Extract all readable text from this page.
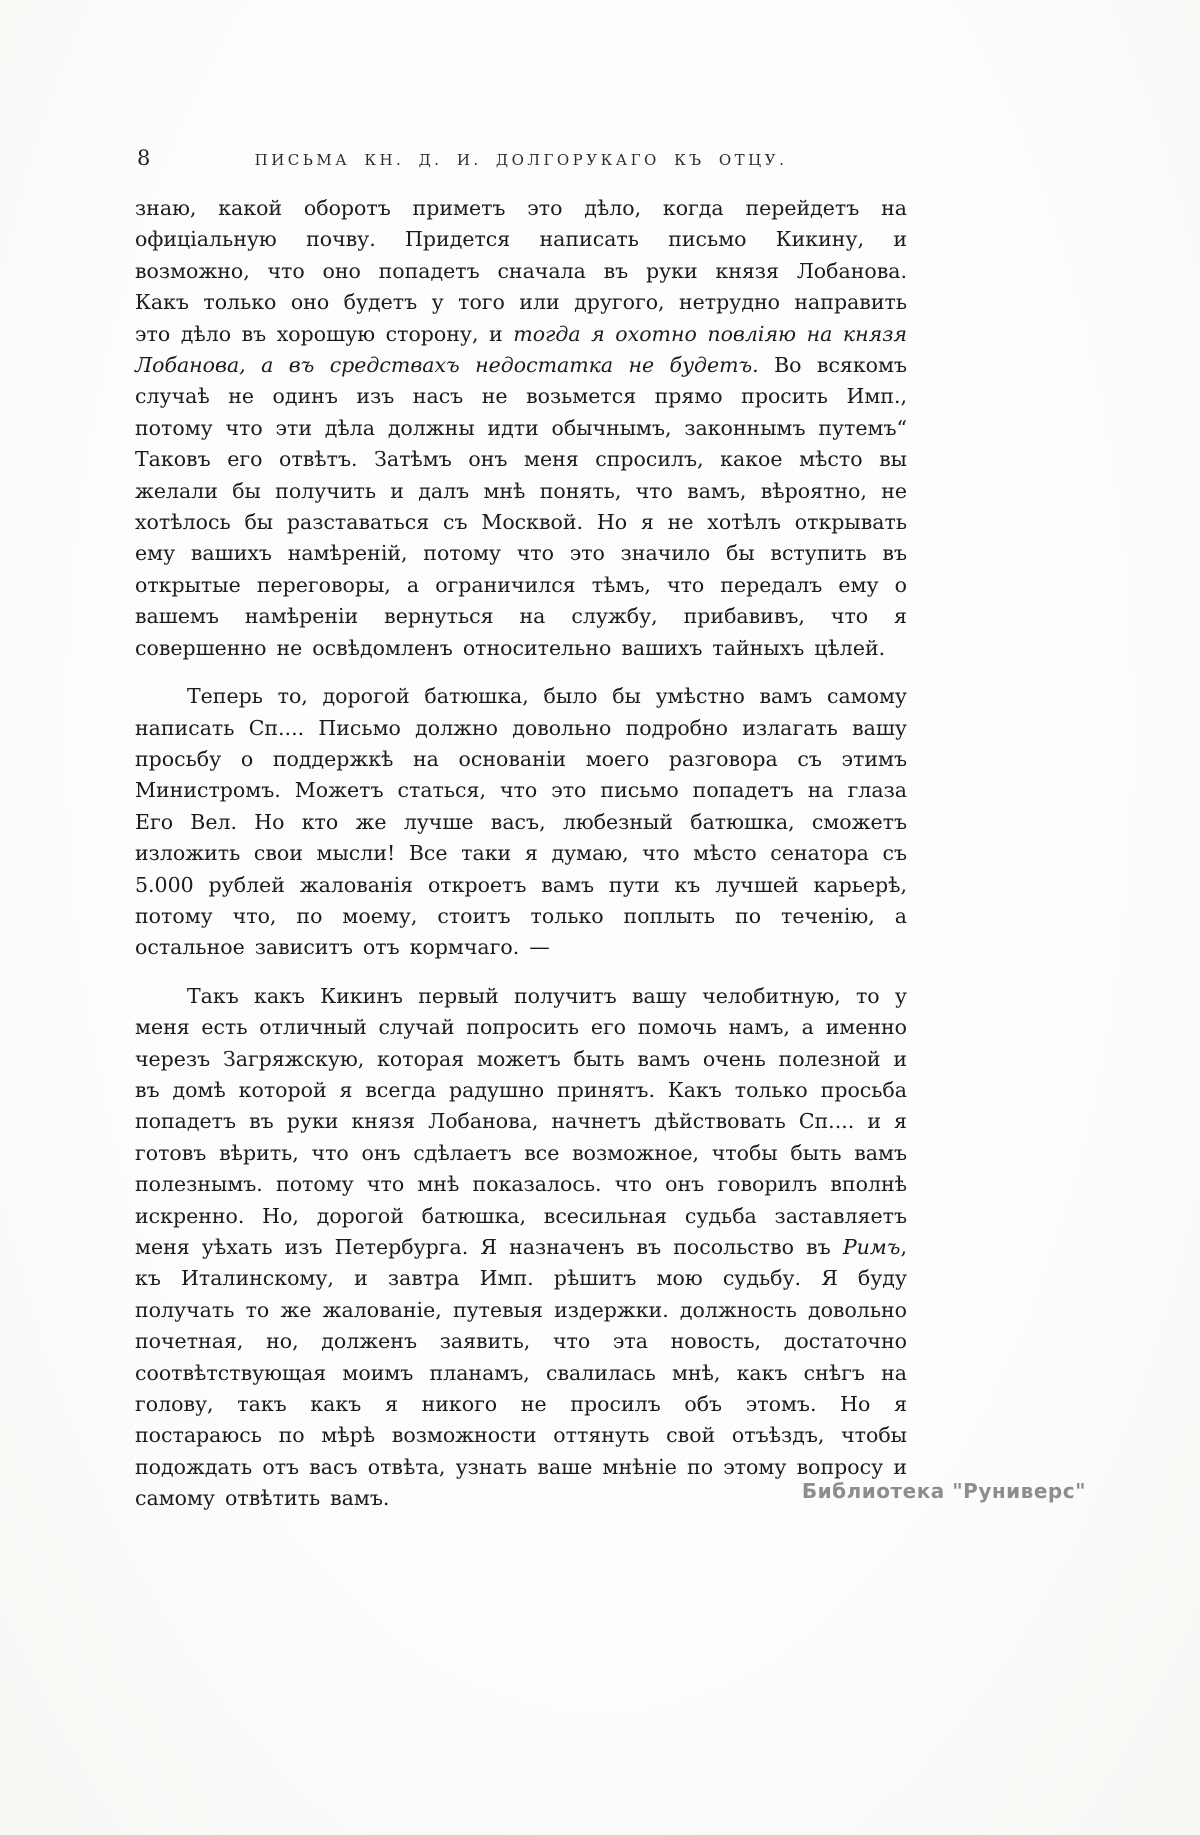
8	ПИСЬМА КН. Д. И. ДОЛГОРУКАГО КЪ ОТЦУ.

знаю, какой оборотъ приметъ это дѣло, когда перейдетъ на офиціальную почву. Придется написать письмо Кикину, и возможно, что оно попадетъ сначала въ руки князя Лобанова. Какъ только оно будетъ у того или другого, нетрудно направить это дѣло въ хорошую сторону, и тогда я охотно повліяю на князя Лобанова, а въ средствахъ недостатка не будетъ. Во всякомъ случаѣ не одинъ изъ насъ не возьмется прямо просить Имп., потому что эти дѣла должны идти обычнымъ, законнымъ путемъ“ Таковъ его отвѣтъ. Затѣмъ онъ меня спросилъ, какое мѣсто вы желали бы получить и далъ мнѣ понять, что вамъ, вѣроятно, не хотѣлось бы разставаться съ Москвой. Но я не хотѣлъ открывать ему вашихъ намѣреній, потому что это значило бы вступить въ открытые переговоры, а ограничился тѣмъ, что передалъ ему о вашемъ намѣреніи вернуться на службу, прибавивъ, что я совершенно не освѣдомленъ относительно вашихъ тайныхъ цѣлей.

Теперь то, дорогой батюшка, было бы умѣстно вамъ самому написать Сп.... Письмо должно довольно подробно излагать вашу просьбу о поддержкѣ на основаніи моего разговора съ этимъ Министромъ. Можетъ статься, что это письмо попадетъ на глаза Его Вел. Но кто же лучше васъ, любезный батюшка, сможетъ изложить свои мысли! Все таки я думаю, что мѣсто сенатора съ 5.000 рублей жалованія откроетъ вамъ пути къ лучшей карьерѣ, потому что, по моему, стоитъ только поплыть по теченію, а остальное зависитъ отъ кормчаго. —

Такъ какъ Кикинъ первый получитъ вашу челобитную, то у меня есть отличный случай попросить его помочь намъ, а именно черезъ Загряжскую, которая можетъ быть вамъ очень полезной и въ домѣ которой я всегда радушно принятъ. Какъ только просьба попадетъ въ руки князя Лобанова, начнетъ дѣйствовать Сп.... и я готовъ вѣрить, что онъ сдѣлаетъ все возможное, чтобы быть вамъ полезнымъ. потому что мнѣ показалось. что онъ говорилъ вполнѣ искренно. Но, дорогой батюшка, всесильная судьба заставляетъ меня уѣхать изъ Петербурга. Я назначенъ въ посольство въ Римъ, къ Италинскому, и завтра Имп. рѣшитъ мою судьбу. Я буду получать то же жалованіе, путевыя издержки. должность довольно почетная, но, долженъ заявить, что эта новость, достаточно соотвѣтствующая моимъ планамъ, свалилась мнѣ, какъ снѣгъ на голову, такъ какъ я никого не просилъ объ этомъ. Но я постараюсь по мѣрѣ возможности оттянуть свой отъѣздъ, чтобы подождать отъ васъ отвѣта, узнать ваше мнѣніе по этому вопросу и самому отвѣтить вамъ.	Библиотека "Руниверс"
